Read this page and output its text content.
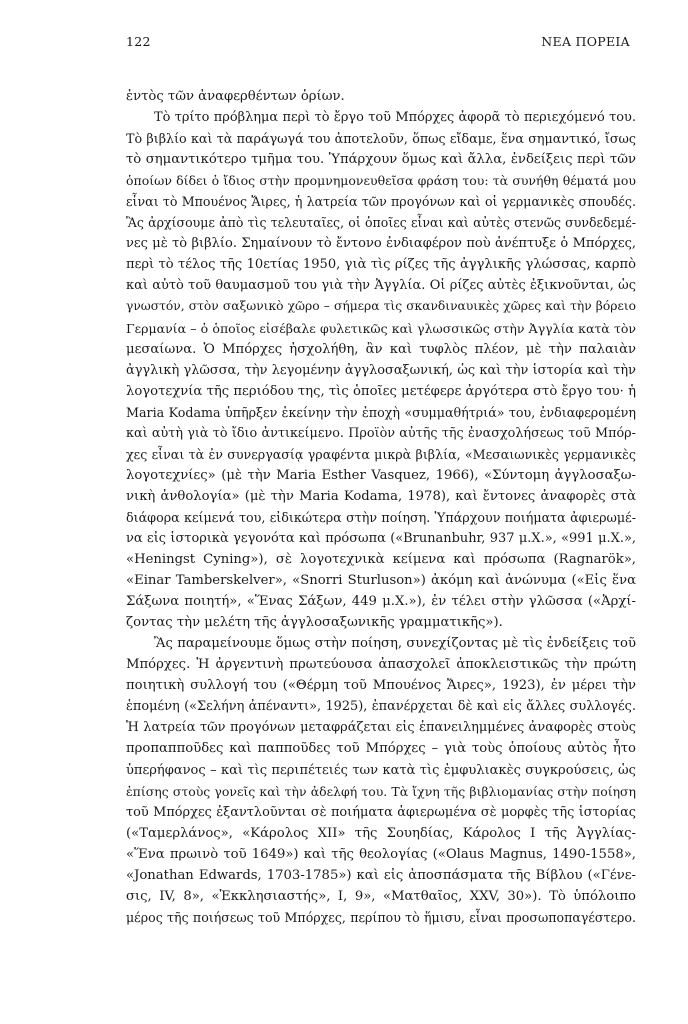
122	ΝΕΑ ΠΟΡΕΙΑ
ἐντὸς τῶν ἀναφερθέντων ὁρίων.
Τὸ τρίτο πρόβλημα περὶ τὸ ἔργο τοῦ Μπόρχες ἀφορᾶ τὸ περιεχόμενό του.
Τὸ βιβλίο καὶ τὰ παράγωγά του ἀποτελοῦν, ὅπως εἴδαμε, ἕνα σημαντικό, ἴσως
τὸ σημαντικότερο τμῆμα του. Ὑπάρχουν ὅμως καὶ ἄλλα, ἐνδείξεις περὶ τῶν
ὁποίων δίδει ὁ ἴδιος στὴν προμνημονευθεῖσα φράση του: τὰ συνήθη θέματά μου
εἶναι τὸ Μπουένος Ἄιρες, ἡ λατρεία τῶν προγόνων καὶ οἱ γερμανικὲς σπουδές.
Ἂς ἀρχίσουμε ἀπὸ τὶς τελευταῖες, οἱ ὁποῖες εἶναι καὶ αὐτὲς στενῶς συνδεδεμέ-
νες μὲ τὸ βιβλίο. Σημαίνουν τὸ ἔντονο ἐνδιαφέρον ποὺ ἀνέπτυξε ὁ Μπόρχες,
περὶ τὸ τέλος τῆς 10ετίας 1950, γιὰ τὶς ρίζες τῆς ἀγγλικῆς γλώσσας, καρπὸ
καὶ αὐτὸ τοῦ θαυμασμοῦ του γιὰ τὴν Ἀγγλία. Οἱ ρίζες αὐτὲς ἐξικνοῦνται, ὡς
γνωστόν, στὸν σαξωνικὸ χῶρο – σήμερα τὶς σκανδιναυικὲς χῶρες καὶ τὴν βόρειο
Γερμανία – ὁ ὁποῖος εἰσέβαλε φυλετικῶς καὶ γλωσσικῶς στὴν Ἀγγλία κατὰ τὸν
μεσαίωνα. Ὁ Μπόρχες ἠσχολήθη, ἂν καὶ τυφλὸς πλέον, μὲ τὴν παλαιὰν
ἀγγλικὴ γλῶσσα, τὴν λεγομένην ἀγγλοσαξωνική, ὡς καὶ τὴν ἱστορία καὶ τὴν
λογοτεχνία τῆς περιόδου της, τὶς ὁποῖες μετέφερε ἀργότερα στὸ ἔργο του· ἡ
Maria Kodama ὑπῆρξεν ἐκείνην τὴν ἐποχὴ «συμμαθήτριά» του, ἐνδιαφερομένη
καὶ αὐτὴ γιὰ τὸ ἴδιο ἀντικείμενο. Προϊὸν αὐτῆς τῆς ἐνασχολήσεως τοῦ Μπόρ-
χες εἶναι τὰ ἐν συνεργασίᾳ γραφέντα μικρὰ βιβλία, «Μεσαιωνικὲς γερμανικὲς
λογοτεχνίες» (μὲ τὴν Maria Esther Vasquez, 1966), «Σύντομη ἀγγλοσαξω-
νικὴ ἀνθολογία» (μὲ τὴν Maria Kodama, 1978), καὶ ἔντονες ἀναφορὲς στὰ
διάφορα κείμενά του, εἰδικώτερα στὴν ποίηση. Ὑπάρχουν ποιήματα ἀφιερωμέ-
να εἰς ἱστορικὰ γεγονότα καὶ πρόσωπα («Brunanbuhr, 937 μ.Χ.», «991 μ.Χ.»,
«Heningst Cyning»), σὲ λογοτεχνικὰ κείμενα καὶ πρόσωπα (Ragnarök»,
«Einar Tamberskelver», «Snorri Sturluson») ἀκόμη καὶ ἀνώνυμα («Εἰς ἕνα
Σάξωνα ποιητή», «Ἕνας Σάξων, 449 μ.Χ.»), ἐν τέλει στὴν γλῶσσα («Ἀρχί-
ζοντας τὴν μελέτη τῆς ἀγγλοσαξωνικῆς γραμματικῆς»).
Ἂς παραμείνουμε ὅμως στὴν ποίηση, συνεχίζοντας μὲ τὶς ἐνδείξεις τοῦ
Μπόρχες. Ἡ ἀργεντινὴ πρωτεύουσα ἀπασχολεῖ ἀποκλειστικῶς τὴν πρώτη
ποιητικὴ συλλογή του («Θέρμη τοῦ Μπουένος Ἄιρες», 1923), ἐν μέρει τὴν
ἑπομένη («Σελήνη ἀπέναντι», 1925), ἐπανέρχεται δὲ καὶ εἰς ἄλλες συλλογές.
Ἡ λατρεία τῶν προγόνων μεταφράζεται εἰς ἐπανειλημμένες ἀναφορὲς στοὺς
προπαπποῦδες καὶ παπποῦδες τοῦ Μπόρχες – γιὰ τοὺς ὁποίους αὐτὸς ἦτο
ὑπερήφανος – καὶ τὶς περιπέτειές των κατὰ τὶς ἐμφυλιακὲς συγκρούσεις, ὡς
ἐπίσης στοὺς γονεῖς καὶ τὴν ἀδελφή του. Τὰ ἴχνη τῆς βιβλιομανίας στὴν ποίηση
τοῦ Μπόρχες ἐξαντλοῦνται σὲ ποιήματα ἀφιερωμένα σὲ μορφὲς τῆς ἱστορίας
(«Ταμερλάνος», «Κάρολος XII» τῆς Σουηδίας, Κάρολος Ι τῆς Ἀγγλίας-
«Ἕνα πρωινὸ τοῦ 1649») καὶ τῆς θεολογίας («Olaus Magnus, 1490-1558»,
«Jonathan Edwards, 1703-1785») καὶ εἰς ἀποσπάσματα τῆς Βίβλου («Γένε-
σις, IV, 8», «Ἐκκλησιαστής», I, 9», «Ματθαῖος, XXV, 30»). Τὸ ὑπόλοιπο
μέρος τῆς ποιήσεως τοῦ Μπόρχες, περίπου τὸ ἥμισυ, εἶναι προσωποπαγέστερο.
